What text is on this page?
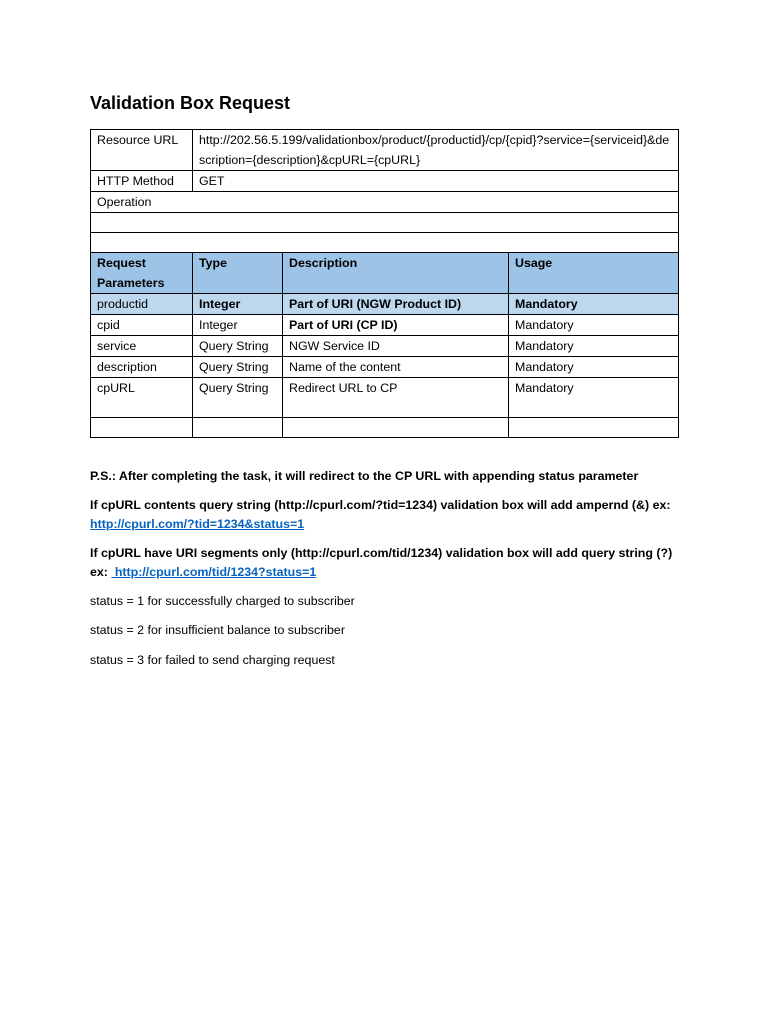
Validation Box Request
Resource URL	http://202.56.5.199/validationbox/product/{productid}/cp/{cpid}?service={serviceid}&description={description}&cpURL={cpURL}		
HTTP Method	GET		
Operation			

Request Parameters	Type	Description	Usage
productid	Integer	Part of URI (NGW Product ID)	Mandatory
cpid	Integer	Part of URI (CP ID)	Mandatory
service	Query String	NGW Service ID	Mandatory
description	Query String	Name of the content	Mandatory
cpURL	Query String	Redirect URL to CP	Mandatory

P.S.: After completing the task, it will redirect to the CP URL with appending status parameter
If cpURL contents query string (http://cpurl.com/?tid=1234) validation box will add ampernd (&) ex:
http://cpurl.com/?tid=1234&status=1
If cpURL have URI segments only (http://cpurl.com/tid/1234) validation box will add query string (?) ex:  http://cpurl.com/tid/1234?status=1
status = 1 for successfully charged to subscriber
status = 2 for insufficient balance to subscriber
status = 3 for failed to send charging request
